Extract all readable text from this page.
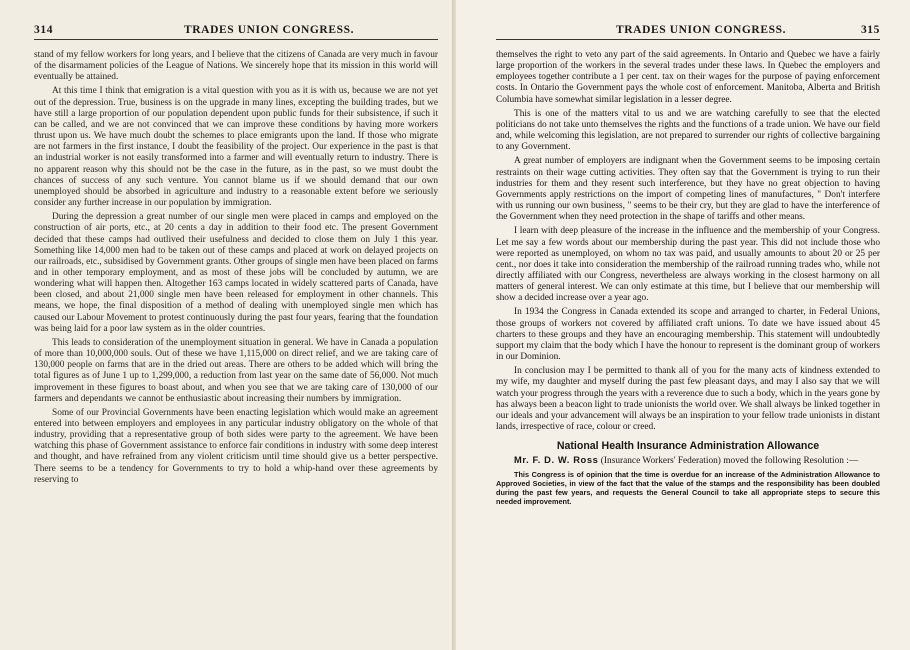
314	TRADES UNION CONGRESS.

stand of my fellow workers for long years, and I believe that the citizens of Canada are very much in favour of the disarmament policies of the League of Nations. We sincerely hope that its mission in this world will eventually be attained.

At this time I think that emigration is a vital question with you as it is with us, because we are not yet out of the depression. True, business is on the upgrade in many lines, excepting the building trades, but we have still a large proportion of our population dependent upon public funds for their subsistence, if such it can be called, and we are not convinced that we can improve these conditions by having more workers thrust upon us. We have much doubt the schemes to place emigrants upon the land. If those who migrate are not farmers in the first instance, I doubt the feasibility of the project. Our experience in the past is that an industrial worker is not easily transformed into a farmer and will eventually return to industry. There is no apparent reason why this should not be the case in the future, as in the past, so we must doubt the chances of success of any such venture. You cannot blame us if we should demand that our own unemployed should be absorbed in agriculture and industry to a reasonable extent before we seriously consider any further increase in our population by immigration.

During the depression a great number of our single men were placed in camps and employed on the construction of air ports, etc., at 20 cents a day in addition to their food etc. The present Government decided that these camps had outlived their usefulness and decided to close them on July 1 this year. Something like 14,000 men had to be taken out of these camps and placed at work on delayed projects on our railroads, etc., subsidised by Government grants. Other groups of single men have been placed on farms and in other temporary employment, and as most of these jobs will be concluded by autumn, we are wondering what will happen then. Altogether 163 camps located in widely scattered parts of Canada, have been closed, and about 21,000 single men have been released for employment in other channels. This means, we hope, the final disposition of a method of dealing with unemployed single men which has caused our Labour Movement to protest continuously during the past four years, fearing that the foundation was being laid for a poor law system as in the older countries.

This leads to consideration of the unemployment situation in general. We have in Canada a population of more than 10,000,000 souls. Out of these we have 1,115,000 on direct relief, and we are taking care of 130,000 people on farms that are in the dried out areas. There are others to be added which will bring the total figures as of June 1 up to 1,299,000, a reduction from last year on the same date of 56,000. Not much improvement in these figures to boast about, and when you see that we are taking care of 130,000 of our farmers and dependants we cannot be enthusiastic about increasing their numbers by immigration.

Some of our Provincial Governments have been enacting legislation which would make an agreement entered into between employers and employees in any particular industry obligatory on the whole of that industry, providing that a representative group of both sides were party to the agreement. We have been watching this phase of Government assistance to enforce fair conditions in industry with some deep interest and thought, and have refrained from any violent criticism until time should give us a better perspective. There seems to be a tendency for Governments to try to hold a whip-hand over these agreements by reserving to

TRADES UNION CONGRESS.	315

themselves the right to veto any part of the said agreements. In Ontario and Quebec we have a fairly large proportion of the workers in the several trades under these laws. In Quebec the employers and employees together contribute a 1 per cent. tax on their wages for the purpose of paying enforcement costs. In Ontario the Government pays the whole cost of enforcement. Manitoba, Alberta and British Columbia have somewhat similar legislation in a lesser degree.

This is one of the matters vital to us and we are watching carefully to see that the elected politicians do not take unto themselves the rights and the functions of a trade union. We have our field and, while welcoming this legislation, are not prepared to surrender our rights of collective bargaining to any Government.

A great number of employers are indignant when the Government seems to be imposing certain restraints on their wage cutting activities. They often say that the Government is trying to run their industries for them and they resent such interference, but they have no great objection to having Governments apply restrictions on the import of competing lines of manufactures, " Don't interfere with us running our own business, " seems to be their cry, but they are glad to have the interference of the Government when they need protection in the shape of tariffs and other means.

I learn with deep pleasure of the increase in the influence and the membership of your Congress. Let me say a few words about our membership during the past year. This did not include those who were reported as unemployed, on whom no tax was paid, and usually amounts to about 20 or 25 per cent., nor does it take into consideration the membership of the railroad running trades who, while not directly affiliated with our Congress, nevertheless are always working in the closest harmony on all matters of general interest. We can only estimate at this time, but I believe that our membership will show a decided increase over a year ago.

In 1934 the Congress in Canada extended its scope and arranged to charter, in Federal Unions, those groups of workers not covered by affiliated craft unions. To date we have issued about 45 charters to these groups and they have an encouraging membership. This statement will undoubtedly support my claim that the body which I have the honour to represent is the dominant group of workers in our Dominion.

In conclusion may I be permitted to thank all of you for the many acts of kindness extended to my wife, my daughter and myself during the past few pleasant days, and may I also say that we will watch your progress through the years with a reverence due to such a body, which in the years gone by has always been a beacon light to trade unionists the world over. We shall always be linked together in our ideals and your advancement will always be an inspiration to your fellow trade unionists in distant lands, irrespective of race, colour or creed.

National Health Insurance Administration Allowance

Mr. F. D. W. Ross (Insurance Workers' Federation) moved the following Resolution :—

This Congress is of opinion that the time is overdue for an increase of the Administration Allowance to Approved Societies, in view of the fact that the value of the stamps and the responsibility has been doubled during the past few years, and requests the General Council to take all appropriate steps to secure this needed improvement.
